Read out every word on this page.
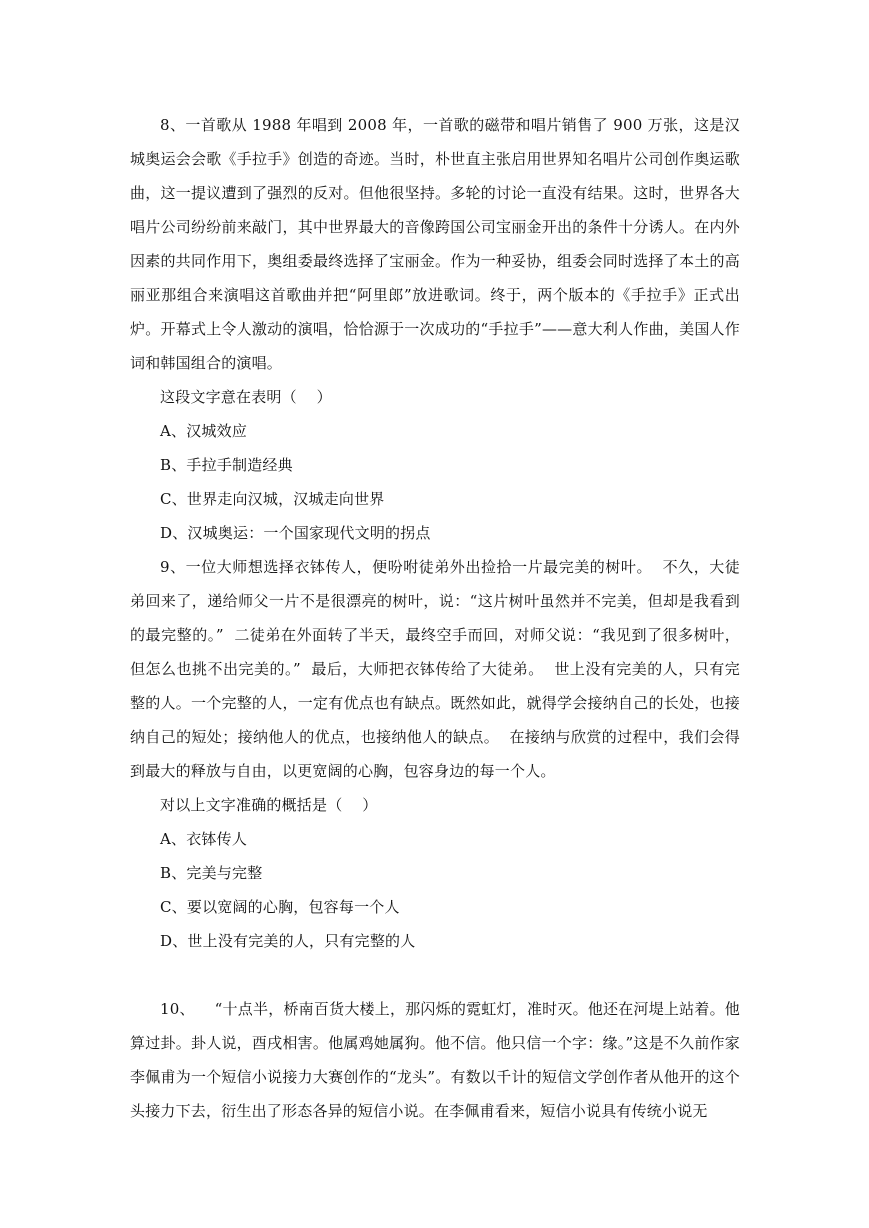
8、一首歌从 1988 年唱到 2008 年，一首歌的磁带和唱片销售了 900 万张，这是汉城奥运会会歌《手拉手》创造的奇迹。当时，朴世直主张启用世界知名唱片公司创作奥运歌曲，这一提议遭到了强烈的反对。但他很坚持。多轮的讨论一直没有结果。这时，世界各大唱片公司纷纷前来敲门，其中世界最大的音像跨国公司宝丽金开出的条件十分诱人。在内外因素的共同作用下，奥组委最终选择了宝丽金。作为一种妥协，组委会同时选择了本土的高丽亚那组合来演唱这首歌曲并把“阿里郎”放进歌词。终于，两个版本的《手拉手》正式出炉。开幕式上令人激动的演唱，恰恰源于一次成功的“手拉手”——意大利人作曲，美国人作词和韩国组合的演唱。

这段文字意在表明（    ）

A、汉城效应

B、手拉手制造经典

C、世界走向汉城，汉城走向世界

D、汉城奥运：一个国家现代文明的拐点

9、一位大师想选择衣钵传人，便吩咐徒弟外出捡拾一片最完美的树叶。  不久，大徒弟回来了，递给师父一片不是很漂亮的树叶，说：“这片树叶虽然并不完美，但却是我看到的最完整的。”  二徒弟在外面转了半天，最终空手而回，对师父说：“我见到了很多树叶，但怎么也挑不出完美的。”  最后，大师把衣钵传给了大徒弟。  世上没有完美的人，只有完整的人。一个完整的人，一定有优点也有缺点。既然如此，就得学会接纳自己的长处，也接纳自己的短处；接纳他人的优点，也接纳他人的缺点。  在接纳与欣赏的过程中，我们会得到最大的释放与自由，以更宽阔的心胸，包容身边的每一个人。

对以上文字准确的概括是（    ）

A、衣钵传人

B、完美与完整

C、要以宽阔的心胸，包容每一个人

D、世上没有完美的人，只有完整的人

10、    “十点半，桥南百货大楼上，那闪烁的霓虹灯，准时灭。他还在河堤上站着。他算过卦。卦人说，酉戌相害。他属鸡她属狗。他不信。他只信一个字：缘。”这是不久前作家李佩甫为一个短信小说接力大赛创作的“龙头”。有数以千计的短信文学创作者从他开的这个头接力下去，衍生出了形态各异的短信小说。在李佩甫看来，短信小说具有传统小说无
